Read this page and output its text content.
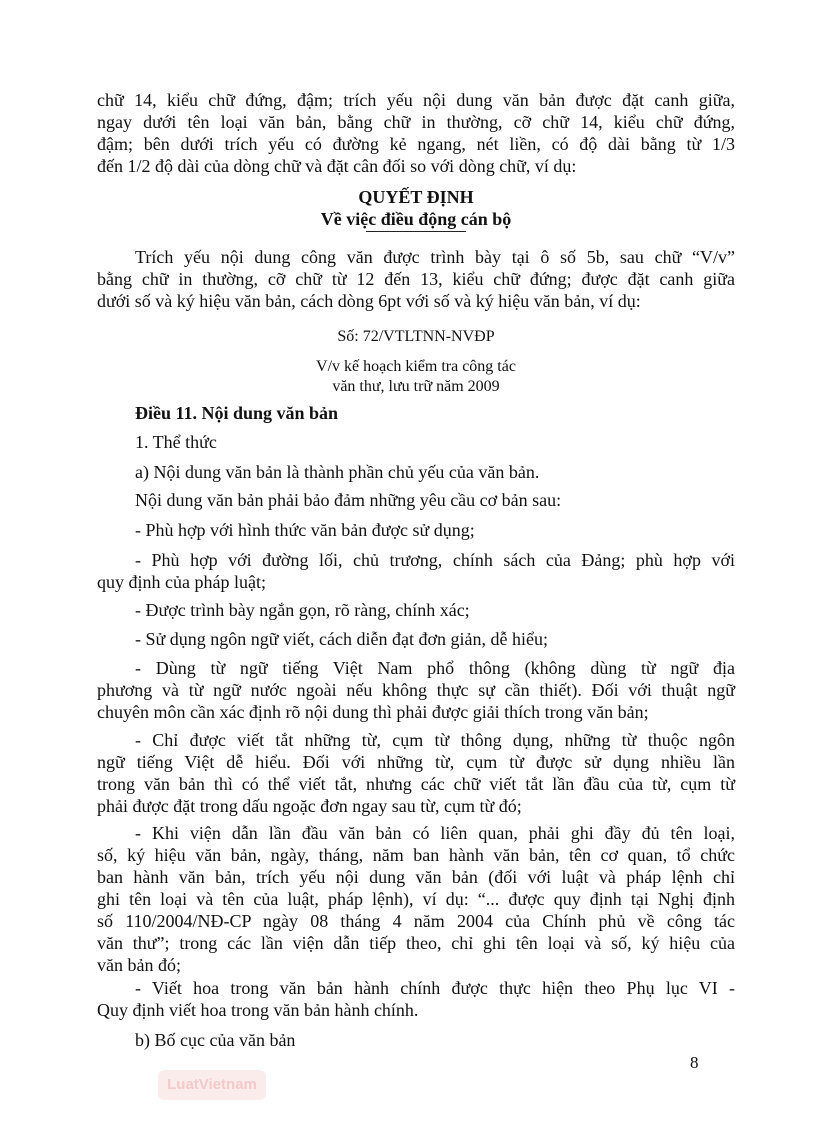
LuatVietnam
8
chữ 14, kiểu chữ đứng, đậm; trích yếu nội dung văn bản được đặt canh giữa,
ngay dưới tên loại văn bản, bằng chữ in thường, cỡ chữ 14, kiểu chữ đứng,
đậm; bên dưới trích yếu có đường kẻ ngang, nét liền, có độ dài bằng từ 1/3
đến 1/2 độ dài của dòng chữ và đặt cân đối so với dòng chữ, ví dụ:
QUYẾT ĐỊNH
Về việc điều động cán bộ
Trích yếu nội dung công văn được trình bày tại ô số 5b, sau chữ “V/v”
bằng chữ in thường, cỡ chữ từ 12 đến 13, kiểu chữ đứng; được đặt canh giữa
dưới số và ký hiệu văn bản, cách dòng 6pt với số và ký hiệu văn bản, ví dụ:
Số: 72/VTLTNN-NVĐP
V/v kế hoạch kiểm tra công tác
văn thư, lưu trữ năm 2009
Điều 11. Nội dung văn bản
1. Thể thức
a) Nội dung văn bản là thành phần chủ yếu của văn bản.
Nội dung văn bản phải bảo đảm những yêu cầu cơ bản sau:
- Phù hợp với hình thức văn bản được sử dụng;
- Phù hợp với đường lối, chủ trương, chính sách của Đảng; phù hợp với
quy định của pháp luật;
- Được trình bày ngắn gọn, rõ ràng, chính xác;
- Sử dụng ngôn ngữ viết, cách diễn đạt đơn giản, dễ hiểu;
- Dùng từ ngữ tiếng Việt Nam phổ thông (không dùng từ ngữ địa
phương và từ ngữ nước ngoài nếu không thực sự cần thiết). Đối với thuật ngữ
chuyên môn cần xác định rõ nội dung thì phải được giải thích trong văn bản;
- Chỉ được viết tắt những từ, cụm từ thông dụng, những từ thuộc ngôn
ngữ tiếng Việt dễ hiểu. Đối với những từ, cụm từ được sử dụng nhiều lần
trong văn bản thì có thể viết tắt, nhưng các chữ viết tắt lần đầu của từ, cụm từ
phải được đặt trong dấu ngoặc đơn ngay sau từ, cụm từ đó;
- Khi viện dẫn lần đầu văn bản có liên quan, phải ghi đầy đủ tên loại,
số, ký hiệu văn bản, ngày, tháng, năm ban hành văn bản, tên cơ quan, tổ chức
ban hành văn bản, trích yếu nội dung văn bản (đối với luật và pháp lệnh chỉ
ghi tên loại và tên của luật, pháp lệnh), ví dụ: “... được quy định tại Nghị định
số 110/2004/NĐ-CP ngày 08 tháng 4 năm 2004 của Chính phủ về công tác
văn thư”; trong các lần viện dẫn tiếp theo, chỉ ghi tên loại và số, ký hiệu của
văn bản đó;
- Viết hoa trong văn bản hành chính được thực hiện theo Phụ lục VI -
Quy định viết hoa trong văn bản hành chính.
b) Bố cục của văn bản
